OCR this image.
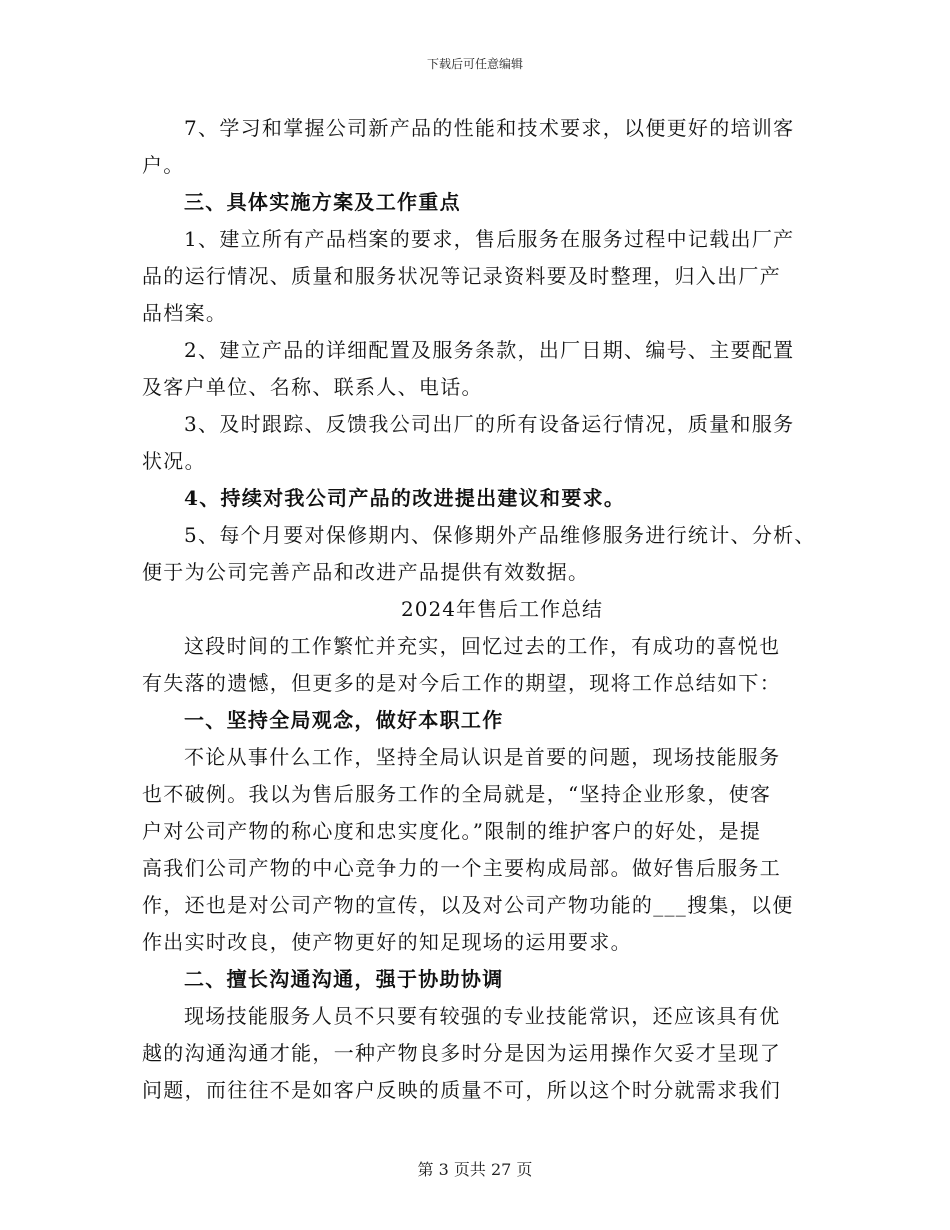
下载后可任意编辑
7、学习和掌握公司新产品的性能和技术要求，以便更好的培训客
户。
三、具体实施方案及工作重点
1、建立所有产品档案的要求，售后服务在服务过程中记载出厂产
品的运行情况、质量和服务状况等记录资料要及时整理，归入出厂产
品档案。
2、建立产品的详细配置及服务条款，出厂日期、编号、主要配置
及客户单位、名称、联系人、电话。
3、及时跟踪、反馈我公司出厂的所有设备运行情况，质量和服务
状况。
4、持续对我公司产品的改进提出建议和要求。
5、每个月要对保修期内、保修期外产品维修服务进行统计、分析、
便于为公司完善产品和改进产品提供有效数据。
2024年售后工作总结
这段时间的工作繁忙并充实，回忆过去的工作，有成功的喜悦也
有失落的遗憾，但更多的是对今后工作的期望，现将工作总结如下：
一、坚持全局观念，做好本职工作
不论从事什么工作，坚持全局认识是首要的问题，现场技能服务
也不破例。我以为售后服务工作的全局就是，“坚持企业形象，使客
户对公司产物的称心度和忠实度化。”限制的维护客户的好处，是提
高我们公司产物的中心竞争力的一个主要构成局部。做好售后服务工
作，还也是对公司产物的宣传，以及对公司产物功能的___搜集，以便
作出实时改良，使产物更好的知足现场的运用要求。
二、擅长沟通沟通，强于协助协调
现场技能服务人员不只要有较强的专业技能常识，还应该具有优
越的沟通沟通才能，一种产物良多时分是因为运用操作欠妥才呈现了
问题，而往往不是如客户反映的质量不可，所以这个时分就需求我们
第 3 页共 27 页
